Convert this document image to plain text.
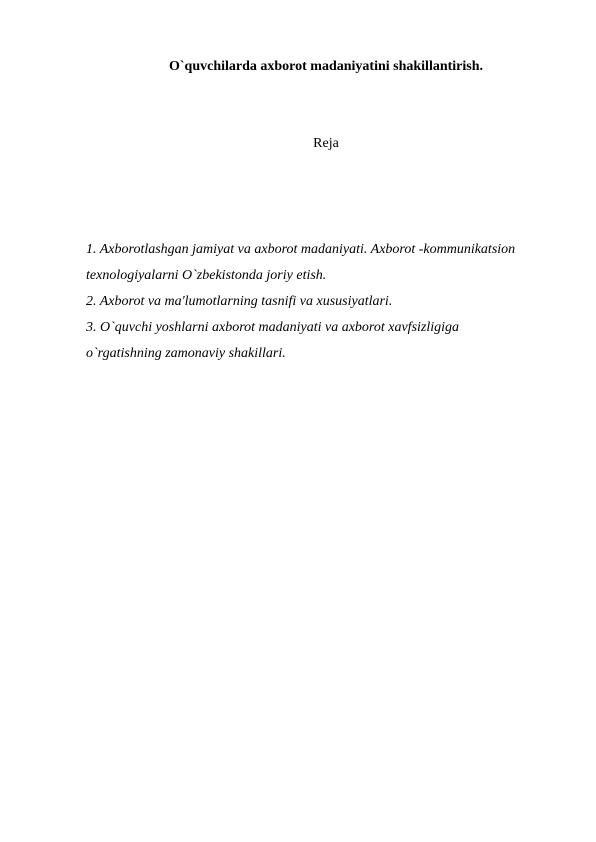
O`quvchilarda axborot madaniyatini shakillantirish.
Reja
1. Axborotlashgan jamiyat va axborot madaniyati. Axborot -kommunikatsion
texnologiyalarni O`zbekistonda joriy etish.
2. Axborot va ma'lumotlarning tasnifi va xususiyatlari.
3. O`quvchi yoshlarni axborot madaniyati va axborot xavfsizligiga
o`rgatishning zamonaviy shakillari.
